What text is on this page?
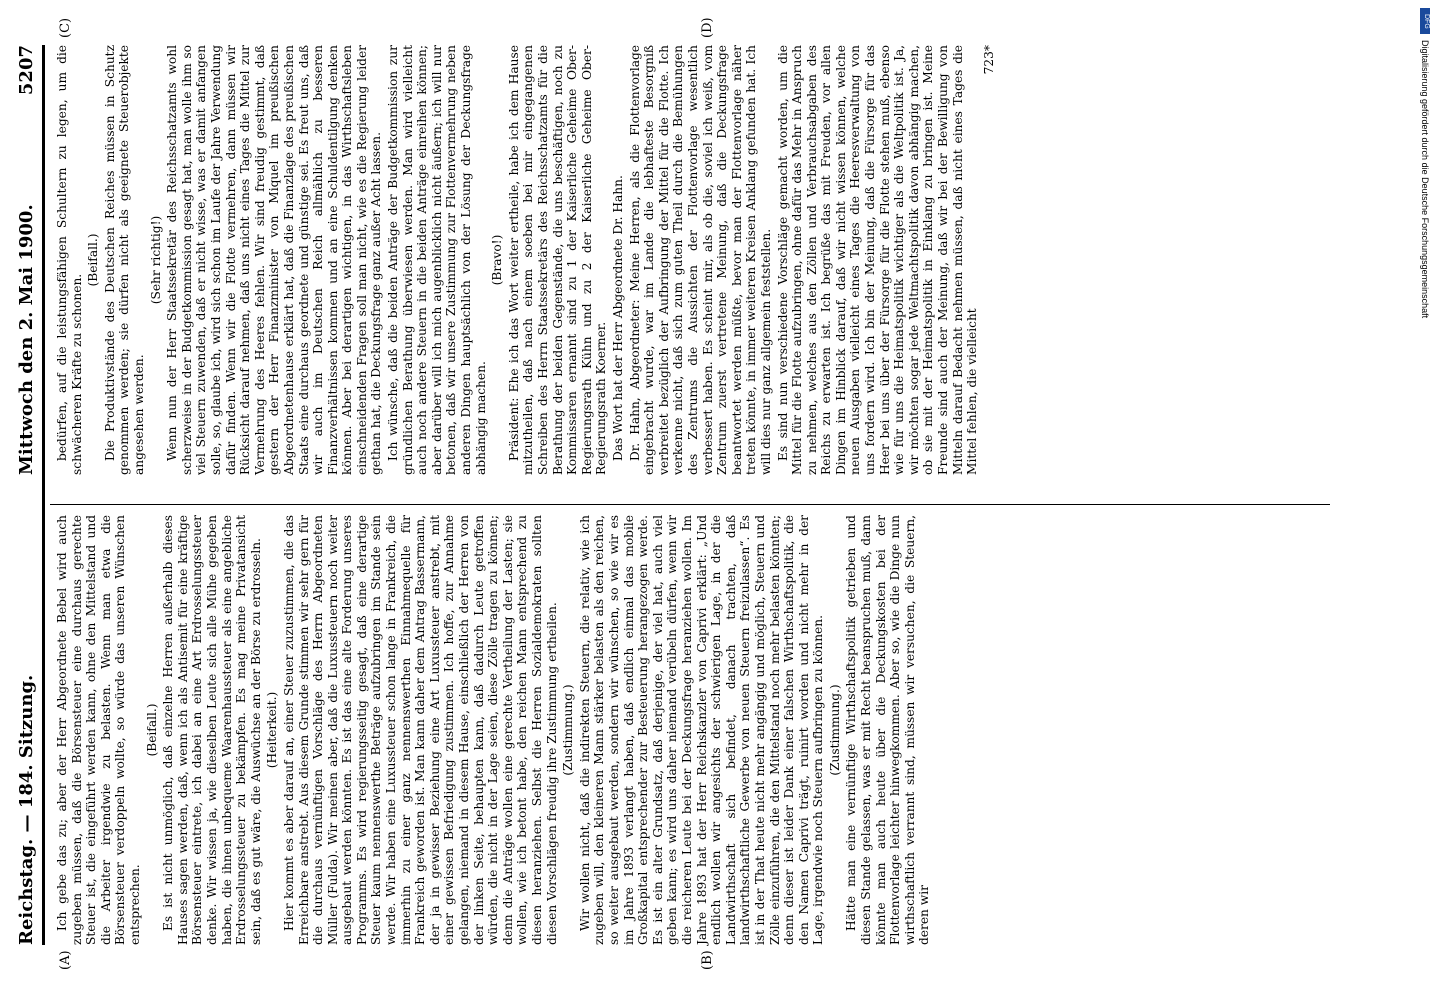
Reichstag. — 184. Sitzung.
Mittwoch den 2. Mai 1900.
5207
(A)	(B)
(C)	(D)

Ich gebe das zu; aber der Herr Abgeordnete Bebel wird auch zugeben müssen, daß die Börsensteuer eine durchaus gerechte Steuer ist, die eingeführt werden kann, ohne den Mittelstand und die Arbeiter irgendwie zu belasten. Wenn man etwa die Börsensteuer verdoppeln wollte, so würde das unseren Wünschen entsprechen.

(Beifall.) Es ist nicht unmöglich, daß einzelne Herren außerhalb dieses Hauses sagen werden, daß, wenn ich als Antisemit für eine kräftige Börsensteuer eintrete, ich dabei an eine Art Erdrosselungssteuer denke. Wir wissen ja, wie dieselben Leute sich alle Mühe gegeben haben, die ihnen unbequeme Waarenhaussteuer als eine angebliche Erdrosselungssteuer zu bekämpfen. Es mag meine Privatansicht sein, daß es gut wäre, die Auswüchse an der Börse zu erdrosseln. (Heiterkeit.) Hier kommt es aber darauf an, einer Steuer zuzustimmen, die das Erreichbare anstrebt. Aus diesem Grunde stimmen wir sehr gern für die durchaus vernünftigen Vorschläge des Herrn Abgeordneten Müller (Fulda). Wir meinen aber, daß die Luxussteuern noch weiter ausgebaut werden könnten. Es ist das eine alte Forderung unseres Programms. Es wird regierungsseitig gesagt, daß eine derartige Steuer kaum nennenswerthe Beträge aufzubringen im Stande sein werde. Wir haben eine Luxussteuer schon lange in Frankreich, die immerhin zu einer ganz nennenswerthen Einnahmequelle für Frankreich geworden ist. Man kann daher dem Antrag Bassermann, der ja in gewisser Beziehung eine Art Luxussteuer anstrebt, mit einer gewissen Befriedigung zustimmen. Ich hoffe, zur Annahme gelangen, niemand in diesem Hause, einschließlich der Herren von der linken Seite, behaupten kann, daß dadurch Leute getroffen würden, die nicht in der Lage seien, diese Zölle tragen zu können; denn die Anträge wollen eine gerechte Vertheilung der Lasten; sie wollen, wie ich betont habe, den reichen Mann entsprechend zu diesen heranziehen. Selbst die Herren Sozialdemokraten sollten diesen Vorschlägen freudig ihre Zustimmung ertheilen. (Zustimmung.) Wir wollen nicht, daß die indirekten Steuern, die relativ, wie ich zugeben will, den kleineren Mann stärker belasten als den reichen, so weiter ausgebaut werden, sondern wir wünschen, so wie wir es im Jahre 1893 verlangt haben, daß endlich einmal das mobile Großkapital entsprechender zur Besteuerung herangezogen werde. Es ist ein alter Grundsatz, daß derjenige, der viel hat, auch viel geben kann; es wird uns daher niemand verübeln dürfen, wenn wir die reicheren Leute bei der Deckungsfrage heranziehen wollen. Im Jahre 1893 hat der Herr Reichskanzler von Caprivi erklärt: „Und endlich wollen wir angesichts der schwierigen Lage, in der die Landwirthschaft sich befindet, danach trachten, daß landwirthschaftliche Gewerbe von neuen Steuern freizulassen“. Es ist in der That heute nicht mehr angängig und möglich, Steuern und Zölle einzuführen, die den Mittelstand noch mehr belasten könnten; denn dieser ist leider Dank einer falschen Wirthschaftspolitik, die den Namen Caprivi trägt, ruinirt worden und nicht mehr in der Lage, irgendwie noch Steuern aufbringen zu können. (Zustimmung.) Hätte man eine vernünftige Wirthschaftspolitik getrieben und diesen Stande gelassen, was er mit Recht beanspruchen muß, dann könnte man auch heute über die Deckungskosten bei der Flottenvorlage leichter hinwegkommen. Aber so, wie die Dinge nun wirthschaftlich verrannt sind, müssen wir versuchen, die Steuern, deren wir

bedürfen, auf die leistungsfähigen Schultern zu legen, um die schwächeren Kräfte zu schonen.

(Beifall.) Die Produktivstände des Deutschen Reiches müssen in Schutz genommen werden; sie dürfen nicht als geeignete Steuerobjekte angesehen werden.

(Sehr richtig!) Wenn nun der Herr Staatssekretär des Reichsschatzamts wohl scherzweise in der Budgetkommission gesagt hat, man wolle ihm so viel Steuern zuwenden, daß er nicht wisse, was er damit anfangen solle, so, glaube ich, wird sich schon im Laufe der Jahre Verwendung dafür finden. Wenn wir die Flotte vermehren, dann müssen wir Rücksicht darauf nehmen, daß uns nicht eines Tages die Mittel zur Vermehrung des Heeres fehlen. Wir sind freudig gestimmt, daß gestern der Herr Finanzminister von Miquel im preußischen Abgeordnetenhause erklärt hat, daß die Finanzlage des preußischen Staats eine durchaus geordnete und günstige sei. Es freut uns, daß wir auch im Deutschen Reich allmählich zu besseren Finanzverhältnissen kommen und an eine Schuldentilgung denken können. Aber bei derartigen wichtigen, in das Wirthschaftsleben einschneidenden Fragen soll man nicht, wie es die Regierung leider gethan hat, die Deckungsfrage ganz außer Acht lassen. Ich wünsche, daß die beiden Anträge der Budgetkommission zur gründlichen Berathung überwiesen werden. Man wird vielleicht auch noch andere Steuern in die beiden Anträge einreihen können; aber darüber will ich mich augenblicklich nicht äußern; ich will nur betonen, daß wir unsere Zustimmung zur Flottenvermehrung neben anderen Dingen hauptsächlich von der Lösung der Deckungsfrage abhängig machen.

(Bravo!) Präsident: Ehe ich das Wort weiter ertheile, habe ich dem Hause mitzutheilen, daß nach einem soeben bei mir eingegangenen Schreiben des Herrn Staatssekretärs des Reichsschatzamts für die Berathung der beiden Gegenstände, die uns beschäftigen, noch zu Kommissaren ernannt sind zu 1 der Kaiserliche Geheime Ober-Regierungsrath Kühn und zu 2 der Kaiserliche Geheime Ober-Regierungsrath Koerner. Das Wort hat der Herr Abgeordnete Dr. Hahn. Dr. Hahn, Abgeordneter: Meine Herren, als die Flottenvorlage eingebracht wurde, war im Lande die lebhafteste Besorgniß verbreitet bezüglich der Aufbringung der Mittel für die Flotte. Ich verkenne nicht, daß sich zum guten Theil durch die Bemühungen des Zentrums die Aussichten der Flottenvorlage wesentlich verbessert haben. Es scheint mir, als ob die, soviel ich weiß, vom Zentrum zuerst vertretene Meinung, daß die Deckungsfrage beantwortet werden müßte, bevor man der Flottenvorlage näher treten könnte, in immer weiteren Kreisen Anklang gefunden hat. Ich will dies nur ganz allgemein feststellen. Es sind nun verschiedene Vorschläge gemacht worden, um die Mittel für die Flotte aufzubringen, ohne dafür das Mehr in Anspruch zu nehmen, welches aus den Zöllen und Verbrauchsabgaben des Reichs zu erwarten ist. Ich begrüße das mit Freuden, vor allen Dingen im Hinblick darauf, daß wir nicht wissen können, welche neuen Ausgaben vielleicht eines Tages die Heeresverwaltung von uns fordern wird. Ich bin der Meinung, daß die Fürsorge für das Heer bei uns über der Fürsorge für die Flotte stehen muß, ebenso wie für uns die Heimatspolitik wichtiger als die Weltpolitik ist. Ja, wir möchten sogar jede Weltmachtspolitik davon abhängig machen, ob sie mit der Heimatspolitik in Einklang zu bringen ist. Meine Freunde sind auch der Meinung, daß wir bei der Bewilligung von Mitteln darauf Bedacht nehmen müssen, daß nicht eines Tages die Mittel fehlen, die vielleicht

723*	Digitalisierung gefördert durch die Deutsche Forschungsgemeinschaft
DFG
